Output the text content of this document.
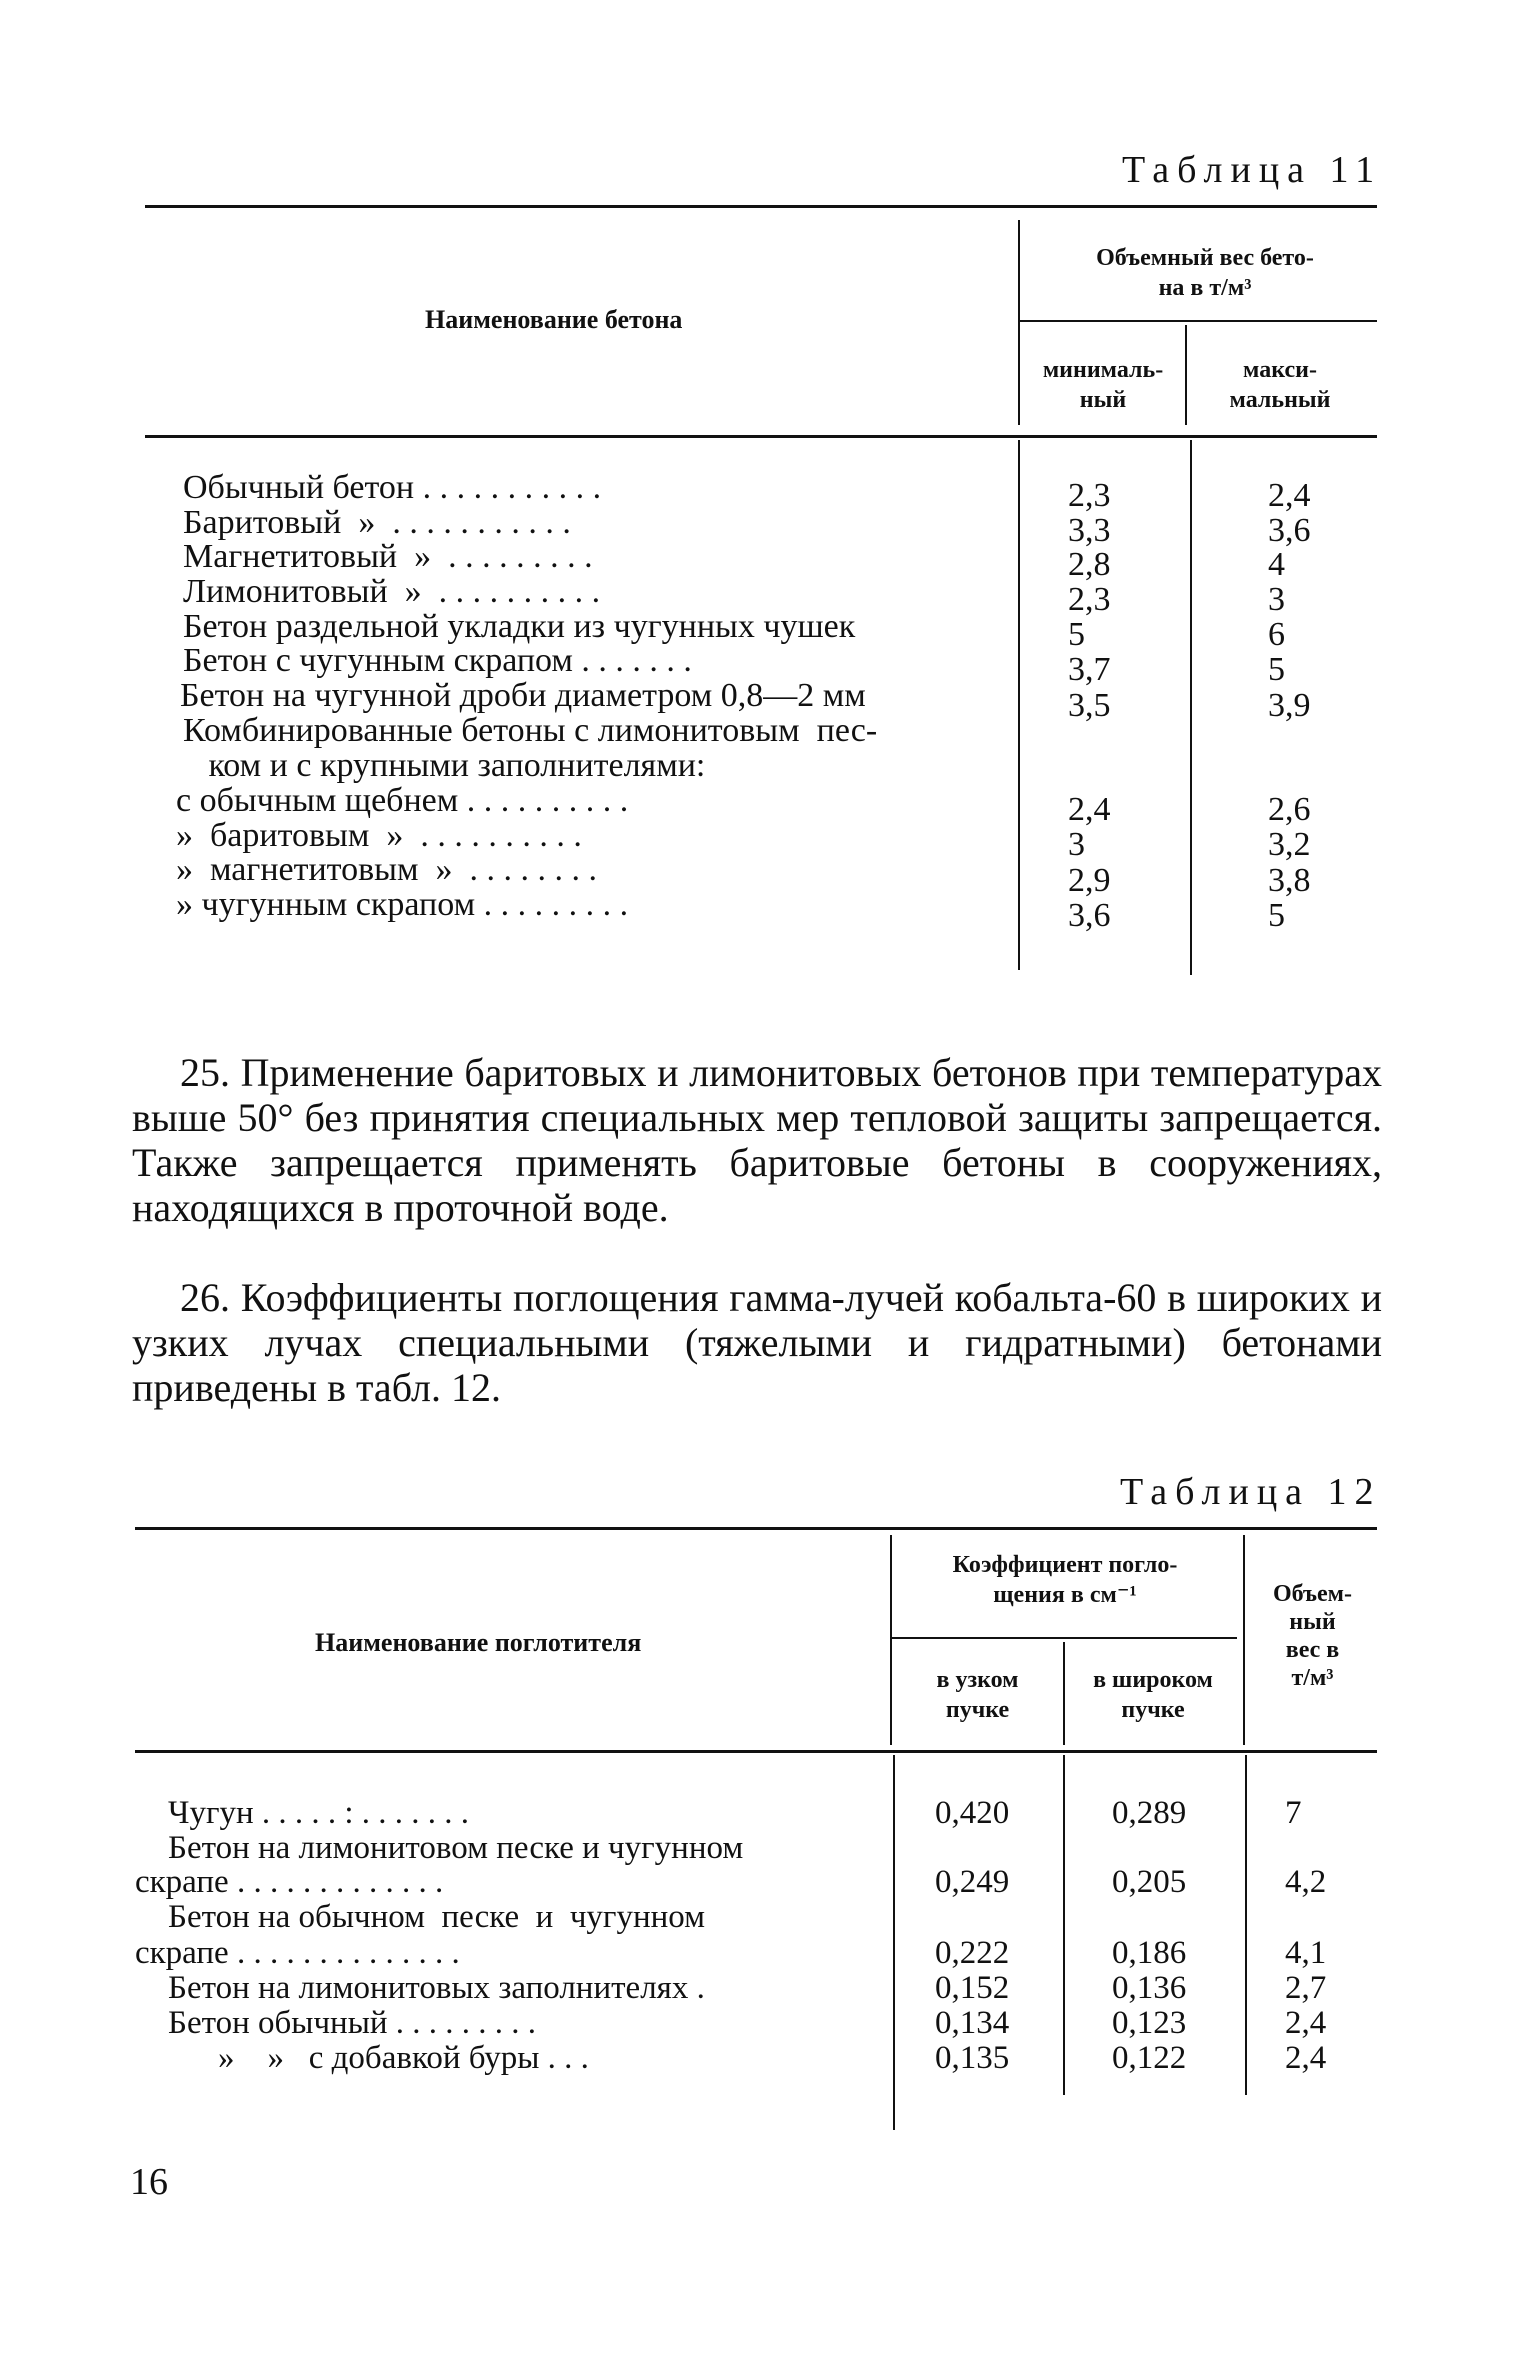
Таблица 11
Наименование бетона
Объемный вес бето-
на в т/м³
минималь-
ный
макси-
мальный
Обычный бетон . . . . . . . . . . .	2,3	2,4
Баритовый  »  . . . . . . . . . . .	3,3	3,6
Магнетитовый  »  . . . . . . . . .	2,8	4
Лимонитовый  »  . . . . . . . . . .	2,3	3
Бетон раздельной укладки из чугунных чушек	5	6
Бетон с чугунным скрапом . . . . . . .	3,7	5
Бетон на чугунной дроби диаметром 0,8—2 мм	3,5	3,9
Комбинированные бетоны с лимонитовым  пес-
ком и с крупными заполнителями:
с обычным щебнем . . . . . . . . . .	2,4	2,6
»  баритовым  »  . . . . . . . . . .	3	3,2
»  магнетитовым  »  . . . . . . . .	2,9	3,8
» чугунным скрапом . . . . . . . . .	3,6	5
25. Применение баритовых и лимонитовых бетонов при температурах выше 50° без принятия специальных мер тепловой защиты запрещается. Также запрещается применять баритовые бетоны в сооружениях, находящихся в проточной воде.
26. Коэффициенты поглощения гамма-лучей кобальта-60 в широких и узких лучах специальными (тяжелыми и гидратными) бетонами приведены в табл. 12.
Таблица 12
Наименование поглотителя
Коэффициент погло-
щения в см⁻¹
в узком
пучке
в широком
пучке
Объем-
ный
вес в
т/м³
Чугун . . . . . : . . . . . . .	0,420	0,289	7
Бетон на лимонитовом песке и чугунном
скрапе . . . . . . . . . . . . .	0,249	0,205	4,2
Бетон на обычном  песке  и  чугунном
скрапе . . . . . . . . . . . . . .	0,222	0,186	4,1
Бетон на лимонитовых заполнителях .	0,152	0,136	2,7
Бетон обычный . . . . . . . . .	0,134	0,123	2,4
»    »   с добавкой буры . . .	0,135	0,122	2,4
16
